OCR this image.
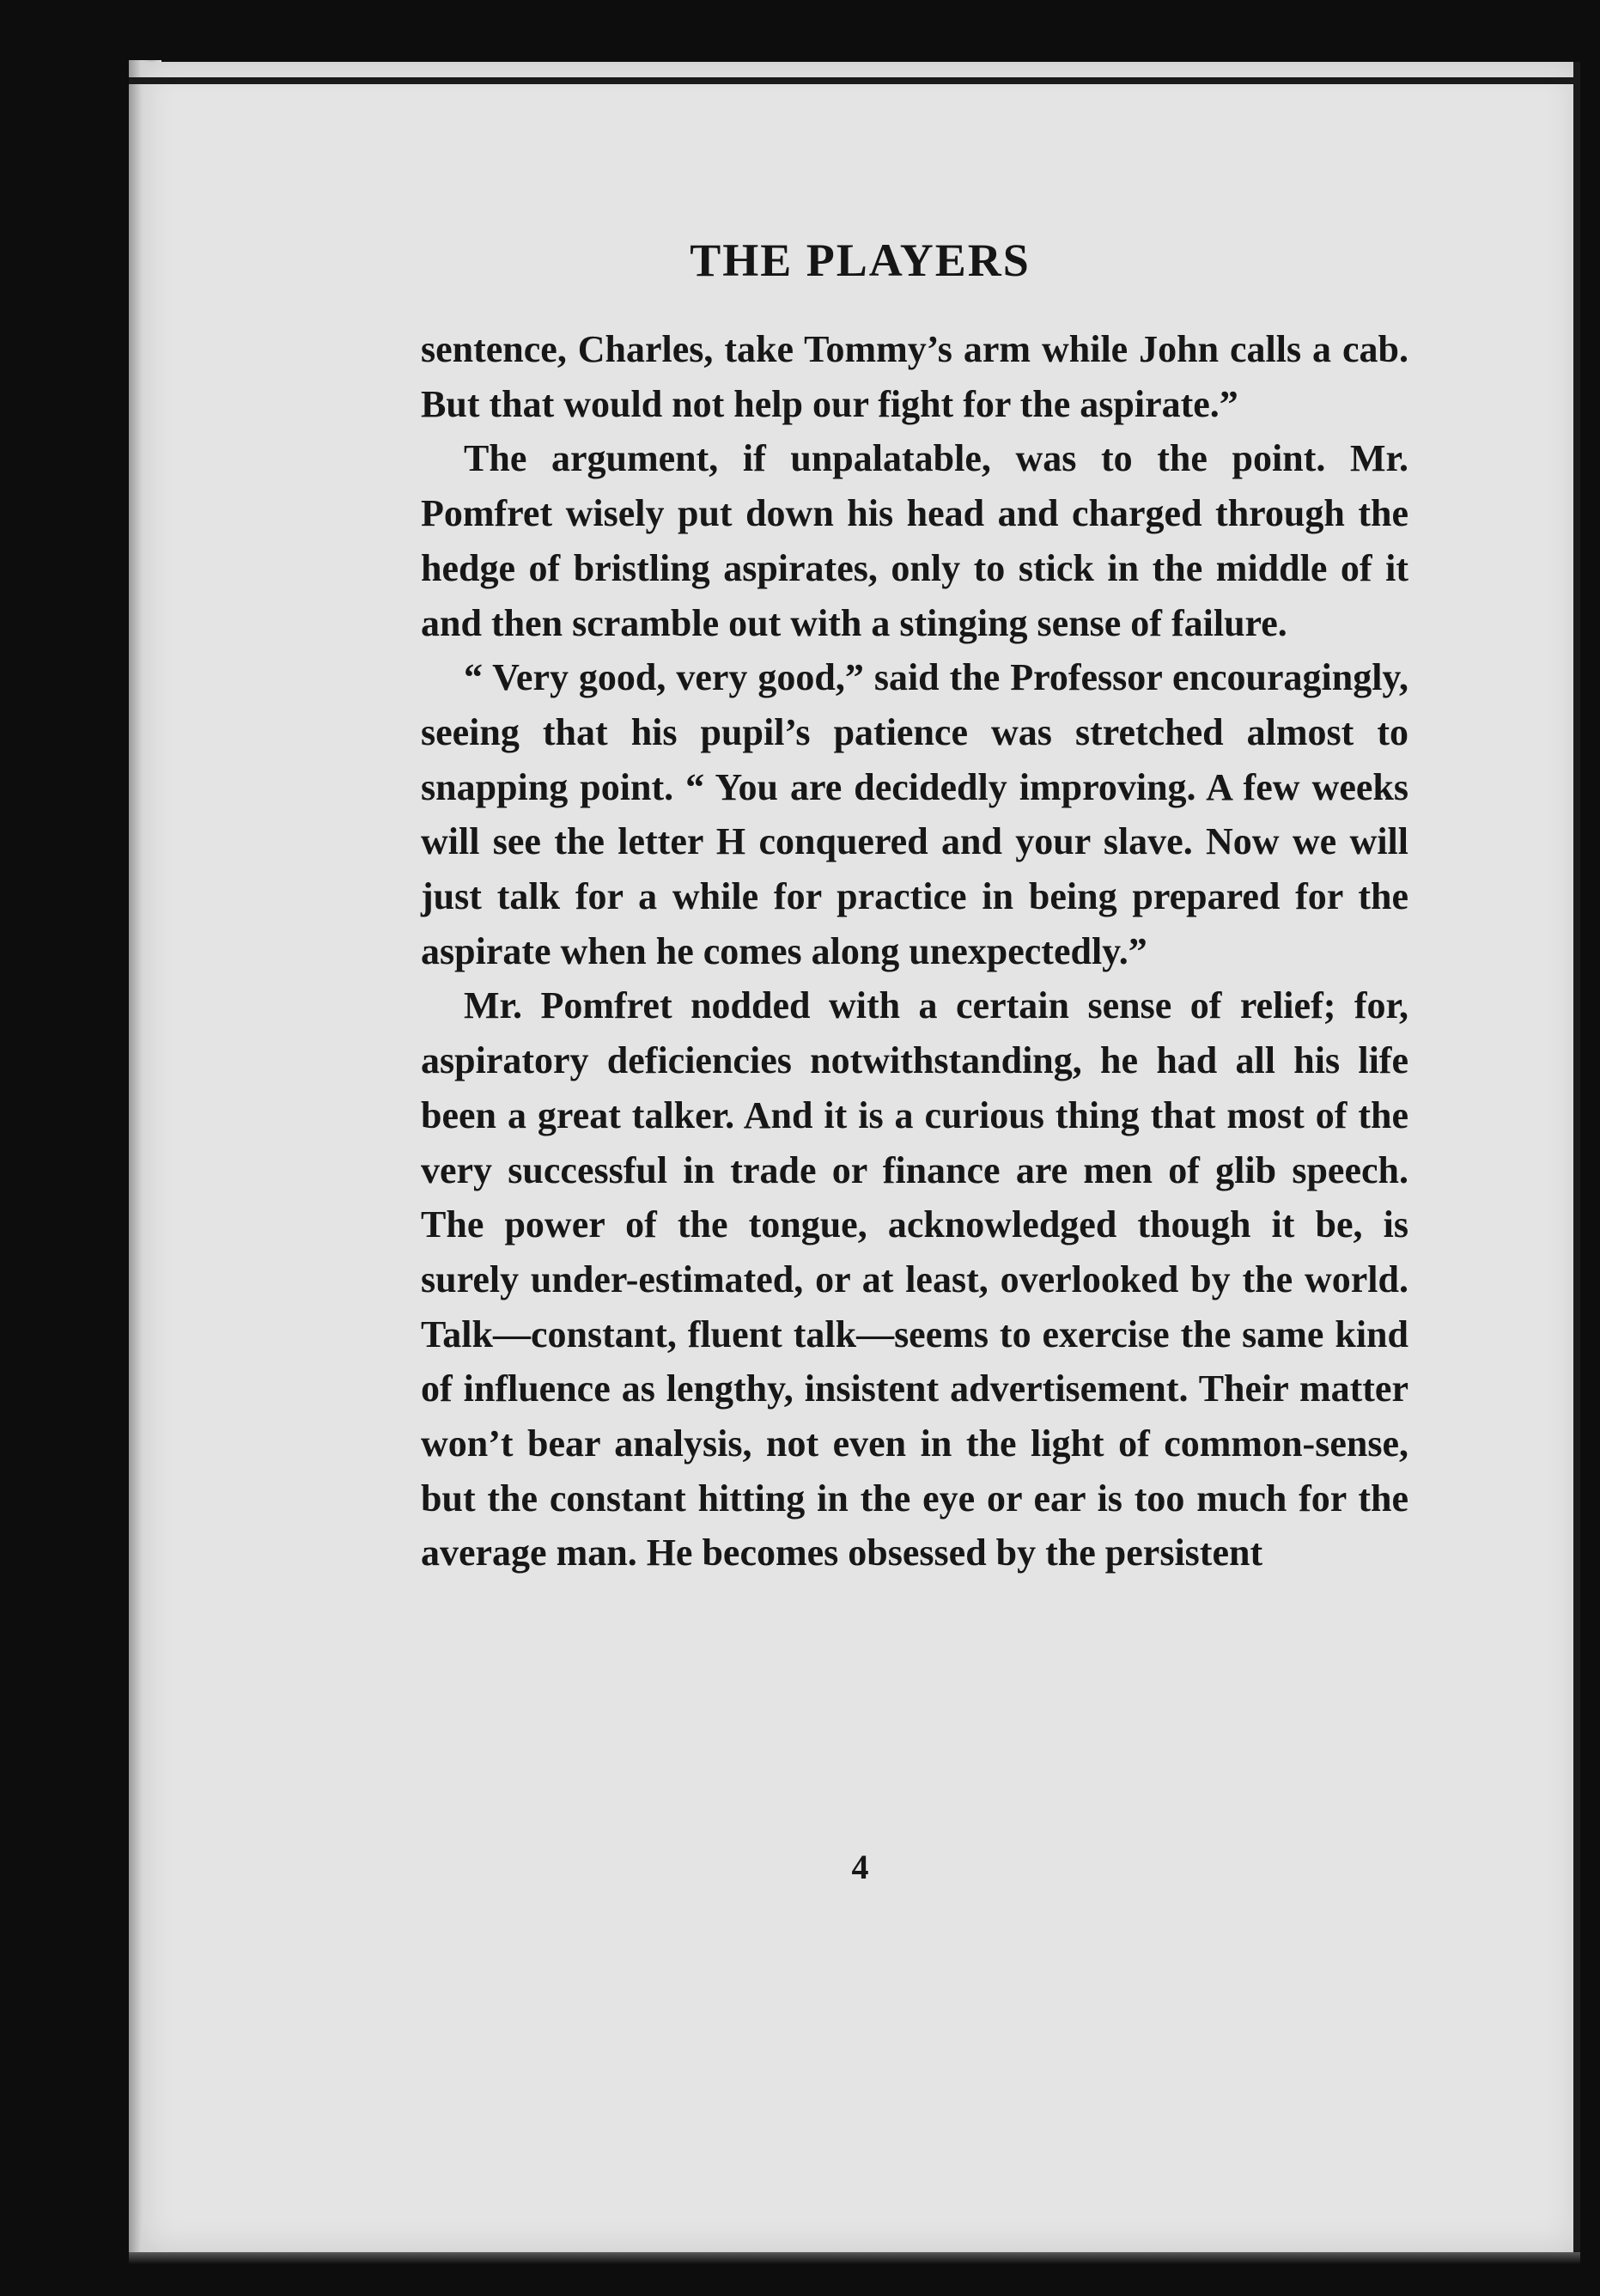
THE PLAYERS

sentence, Charles, take Tommy’s arm while John calls a cab. But that would not help our fight for the aspirate.”

The argument, if unpalatable, was to the point. Mr. Pomfret wisely put down his head and charged through the hedge of bristling aspirates, only to stick in the middle of it and then scramble out with a stinging sense of failure.

“ Very good, very good,” said the Professor encouragingly, seeing that his pupil’s patience was stretched almost to snapping point. “ You are decidedly improving. A few weeks will see the letter H conquered and your slave. Now we will just talk for a while for practice in being prepared for the aspirate when he comes along unexpectedly.”

Mr. Pomfret nodded with a certain sense of relief; for, aspiratory deficiencies notwithstanding, he had all his life been a great talker. And it is a curious thing that most of the very successful in trade or finance are men of glib speech. The power of the tongue, acknowledged though it be, is surely under-estimated, or at least, overlooked by the world. Talk—constant, fluent talk—seems to exercise the same kind of influence as lengthy, insistent advertisement. Their matter won’t bear analysis, not even in the light of common-sense, but the constant hitting in the eye or ear is too much for the average man. He becomes obsessed by the persistent

4
